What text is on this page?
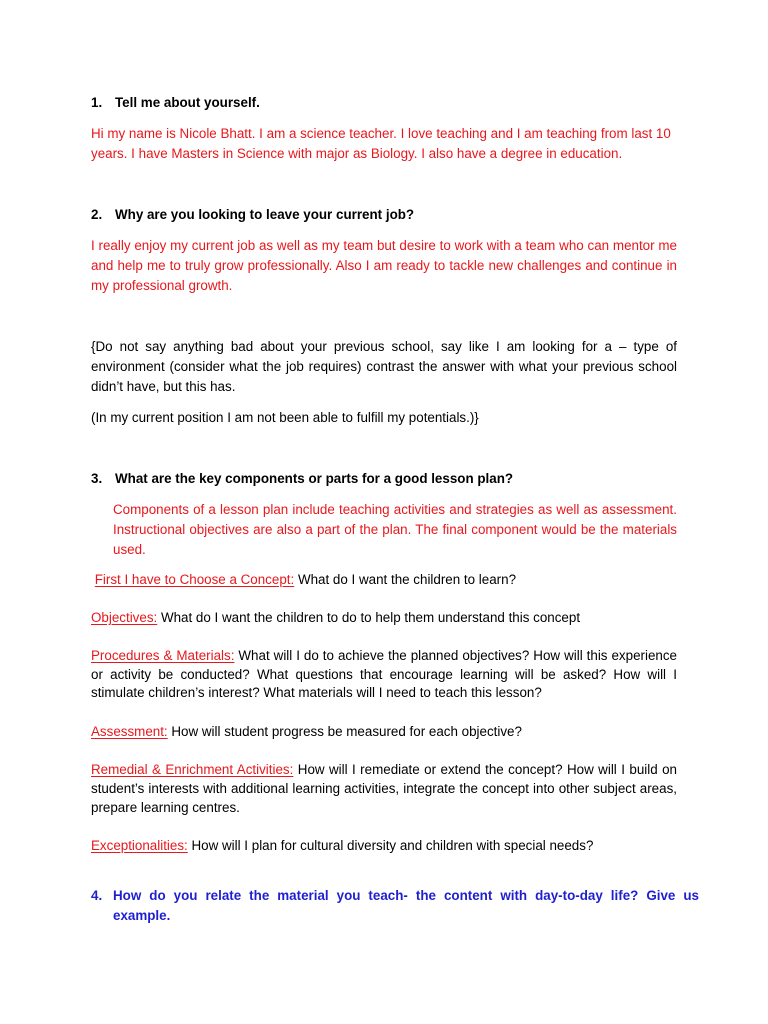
1. Tell me about yourself.

Hi my name is Nicole Bhatt. I am a science teacher. I love teaching and I am teaching from last 10 years. I have Masters in Science with major as Biology. I also have a degree in education.

2. Why are you looking to leave your current job?

I really enjoy my current job as well as my team but desire to work with a team who can mentor me and help me to truly grow professionally. Also I am ready to tackle new challenges and continue in my professional growth.

{Do not say anything bad about your previous school, say like I am looking for a – type of environment (consider what the job requires) contrast the answer with what your previous school didn’t have, but this has.

(In my current position I am not been able to fulfill my potentials.)}

3. What are the key components or parts for a good lesson plan?

Components of a lesson plan include teaching activities and strategies as well as assessment. Instructional objectives are also a part of the plan. The final component would be the materials used.

First I have to Choose a Concept: What do I want the children to learn?

Objectives: What do I want the children to do to help them understand this concept

Procedures & Materials: What will I do to achieve the planned objectives? How will this experience or activity be conducted? What questions that encourage learning will be asked? How will I stimulate children’s interest? What materials will I need to teach this lesson?

Assessment: How will student progress be measured for each objective?

Remedial & Enrichment Activities: How will I remediate or extend the concept? How will I build on student’s interests with additional learning activities, integrate the concept into other subject areas, prepare learning centres.

Exceptionalities: How will I plan for cultural diversity and children with special needs?

4. How do you relate the material you teach- the content with day-to-day life? Give us example.
